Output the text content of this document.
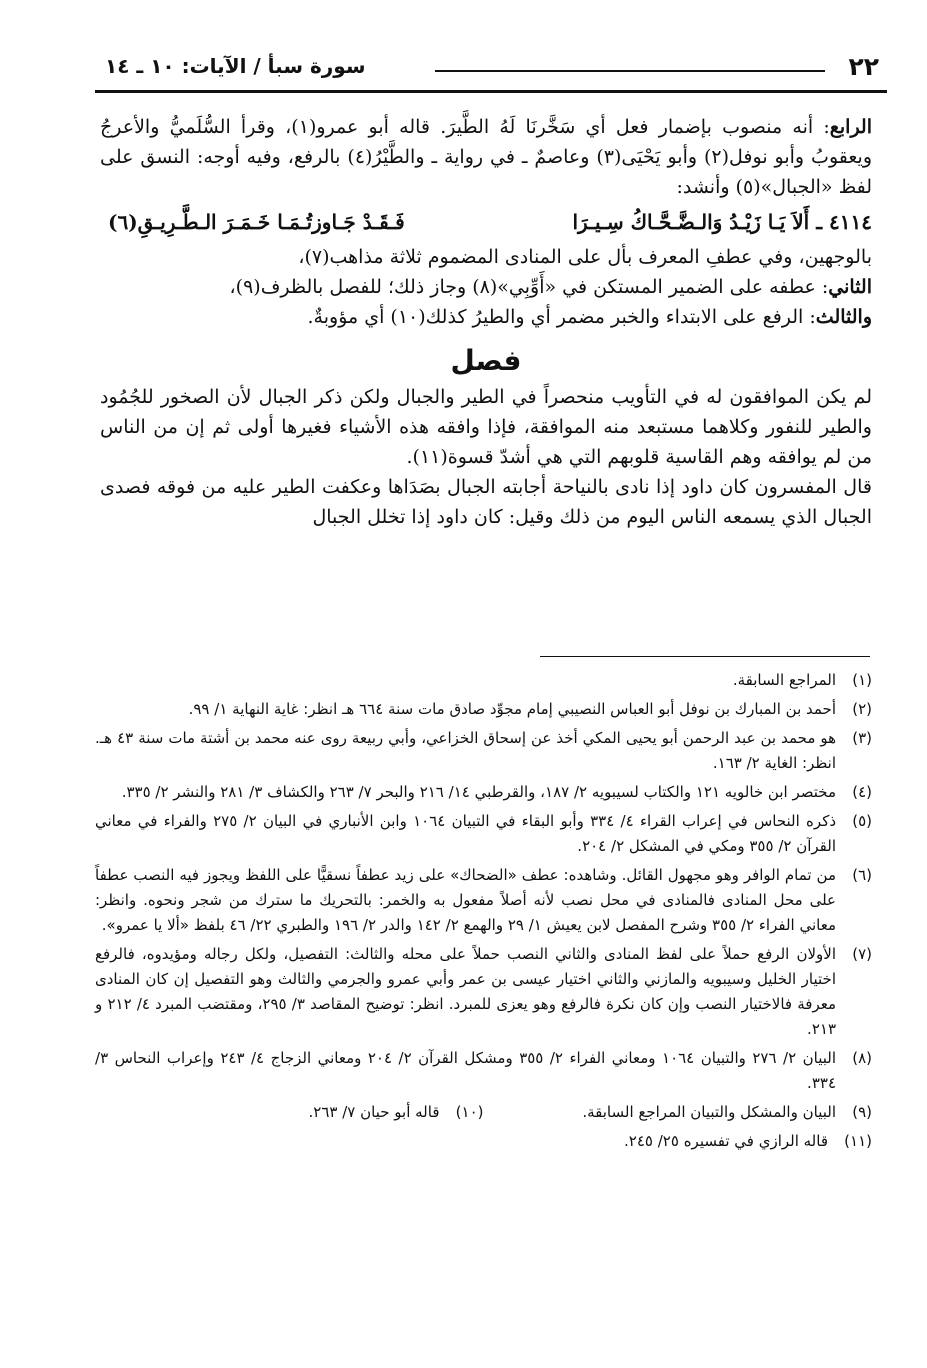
٢٢
سورة سبأ / الآيات: ١٠ ـ ١٤

الرابع: أنه منصوب بإضمار فعل أي سَخَّرنَا لَهُ الطَّيرَ. قاله أبو عمرو(١)، وقرأ السُّلَميُّ والأعرجُ ويعقوبُ وأبو نوفل(٢) وأبو يَحْيَى(٣) وعاصمٌ ـ في رواية ـ والطَّيْرُ(٤) بالرفع، وفيه أوجه: النسق على لفظ «الجبال»(٥) وأنشد:

٤١١٤ ـ أَلاَ يَـا زَيْـدُ وَالـضَّـحَّـاكُ سِـيـرَا
فَـقَـدْ جَـاوزتُـمَـا خَـمَـرَ الـطَّـرِيـقِ(٦)

بالوجهين، وفي عطفِ المعرف بأل على المنادى المضموم ثلاثة مذاهب(٧)،

الثاني: عطفه على الضمير المستكن في «أَوِّبِي»(٨) وجاز ذلك؛ للفصل بالظرف(٩)،

والثالث: الرفع على الابتداء والخبر مضمر أي والطيرُ كذلك(١٠) أي مؤوبةٌ.

فصل

لم يكن الموافقون له في التأويب منحصراً في الطير والجبال ولكن ذكر الجبال لأن الصخور للجُمُود والطير للنفور وكلاهما مستبعد منه الموافقة، فإذا وافقه هذه الأشياء فغيرها أولى ثم إن من الناس من لم يوافقه وهم القاسية قلوبهم التي هي أشدّ قسوة(١١).

قال المفسرون كان داود إذا نادى بالنياحة أجابته الجبال بصَدَاها وعكفت الطير عليه من فوقه فصدى الجبال الذي يسمعه الناس اليوم من ذلك وقيل: كان داود إذا تخلل الجبال

(١)
المراجع السابقة.
(٢)
أحمد بن المبارك بن نوفل أبو العباس النصيبي إمام مجوِّد صادق مات سنة ٦٦٤ هـ انظر: غاية النهاية ١/ ٩٩.
(٣)
هو محمد بن عبد الرحمن أبو يحيى المكي أخذ عن إسحاق الخزاعي، وأبي ربيعة روى عنه محمد بن أشتة مات سنة ٤٣ هـ. انظر: الغاية ٢/ ١٦٣.
(٤)
مختصر ابن خالويه ١٢١ والكتاب لسيبويه ٢/ ١٨٧، والقرطبي ١٤/ ٢١٦ والبحر ٧/ ٢٦٣ والكشاف ٣/ ٢٨١ والنشر ٢/ ٣٣٥.
(٥)
ذكره النحاس في إعراب القراء ٤/ ٣٣٤ وأبو البقاء في التبيان ١٠٦٤ وابن الأنباري في البيان ٢/ ٢٧٥ والفراء في معاني القرآن ٢/ ٣٥٥ ومكي في المشكل ٢/ ٢٠٤.
(٦)
من تمام الوافر وهو مجهول القائل. وشاهده: عطف «الضحاك» على زيد عطفاً نسقيًّا على اللفظ ويجوز فيه النصب عطفاً على محل المنادى فالمنادى في محل نصب لأنه أصلاً مفعول به والخمر: بالتحريك ما سترك من شجر ونحوه. وانظر: معاني الفراء ٢/ ٣٥٥ وشرح المفصل لابن يعيش ١/ ٢٩ والهمع ٢/ ١٤٢ والدر ٢/ ١٩٦ والطبري ٢٢/ ٤٦ بلفظ «ألا يا عمرو».
(٧)
الأولان الرفع حملاً على لفظ المنادى والثاني النصب حملاً على محله والثالث: التفصيل، ولكل رجاله ومؤيدوه، فالرفع اختيار الخليل وسيبويه والمازني والثاني اختيار عيسى بن عمر وأبي عمرو والجرمي والثالث وهو التفصيل إن كان المنادى معرفة فالاختيار النصب وإن كان نكرة فالرفع وهو يعزى للمبرد. انظر: توضيح المقاصد ٣/ ٢٩٥، ومقتضب المبرد ٤/ ٢١٢ و ٢١٣.
(٨)
البيان ٢/ ٢٧٦ والتبيان ١٠٦٤ ومعاني الفراء ٢/ ٣٥٥ ومشكل القرآن ٢/ ٢٠٤ ومعاني الزجاج ٤/ ٢٤٣ وإعراب النحاس ٣/ ٣٣٤.
(٩)
البيان والمشكل والتبيان المراجع السابقة.
(١٠)
قاله أبو حيان ٧/ ٢٦٣.
(١١)
قاله الرازي في تفسيره ٢٥/ ٢٤٥.
